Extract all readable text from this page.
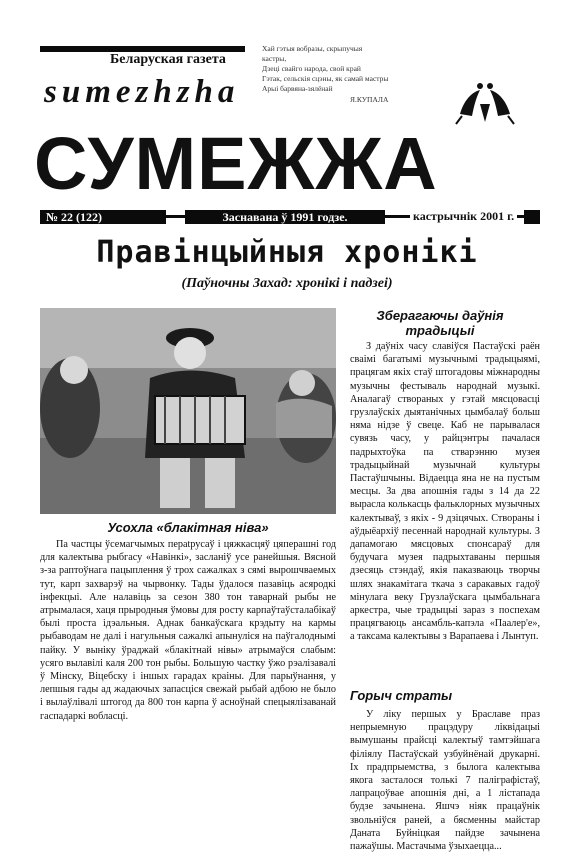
Беларуская газета
sumezhzha
Хай гэтыя вобразы, скрыпучыя
кастры,
Дзеці свайго народа, свой край
Гэтак, сельскія сцэны, як самай мастры
Арыі барвяна-зялёнай
Я.КУПАЛА
СУМЕЖЖА
№ 22 (122)	Заснавана ў 1991 годзе.	кастрычнік 2001 г.
Правінцыйныя хронікі
(Паўночны Захад: хронікі і падзеі)
Усохла «блакітная ніва»

Па частцы ўсемагчымых пераtрусаў і цяжкасцяў цяперашні год для калектыва рыбгасу «Навінкі», засланіў усе ранейшыя. Вясной з-за раптоўнага пацыплення ў трох сажалках з сямі вырошчваемых тут, карп захварэў на чырвонку. Тады ўдалося пазавіць асяродкі інфекцыі. Але налавіць за сезон 380 тон таварнай рыбы не атрымалася, хаця прыродныя ўмовы для росту карпаўтаўсталабікаў былі проста ідэальныя. Аднак банкаўскага крэдыту на кармы рыбаводам не далі і нагульныя сажалкі апынуліся на паўгалоднымі пайку. У выніку ўраджай «блакітнай нівы» атрымаўся слабым: усяго вылавілі каля 200 тон рыбы. Большую частку ўжо рэалізавалі ў Мінску, Віцебску і іншых гарадах краіны. Для парыўнання, у лепшыя гады ад жадаючых запасціся свежай рыбай адбою не было і вылаўлівалі штогод да 800 тон карпа ў асноўнай спецыялізаванай гаспадаркі вобласці.

Зберагаючы даўнія традыцыі

З даўніх часу славіўся Пастаўскі раён сваімі багатымі музычнымі традыцыямі, працягам якіх стаў штогадовы міжнародны музычны фестываль народнай музыкі. Аналагаў створаных у гэтай мясцовасці грузлаўскіх дыятанічных цымбалаў больш няма нідзе ў свеце. Каб не парывалася сувязь часу, у райцэнтры пачалася падрыхтоўка па стварэнню музея традыцыйнай музычнай культуры Пастаўшчыны. Відаецца яна не на пустым месцы. За два апошнія гады з 14 да 22 вырасла колькасць фальклорных музычных калектываў, з якіх - 9 дзіцячых. Створаны і аўдыёархіў песеннай народнай культуры. З дапамогаю мясцовых спонсараў для будучага музея падрыхтаваны першыя дзесяць стэндаў, якія паказваюць творчы шлях знакамітага ткача з саракавых гадоў мінулага веку Грузлаўскага цымбальнага аркестра, чые традыцыі зараз з поспехам працягваюць ансамбль-капэла «Паалер'е», а таксама калектывы з Варапаева і Лынтуп.

Горыч страты

У ліку першых у Браславе праз непрыемную працэдуру ліквідацыі вымушаны прайсці калектыў тамтэйшага філіялу Пастаўскай узбуйнёнай друкарні. Іх прадпрыемства, з былога калектыва якога засталося толькі 7 паліграфістаў, лапрацоўвае апошнія дні, а 1 лістапада будзе зачынена. Яшчэ ніяк працаўнік звольніўся раней, а бясменны майстар Даната Буйніцкая пайдзе зачынена пажаўшы. Мастачыма ўзыхаецца...
